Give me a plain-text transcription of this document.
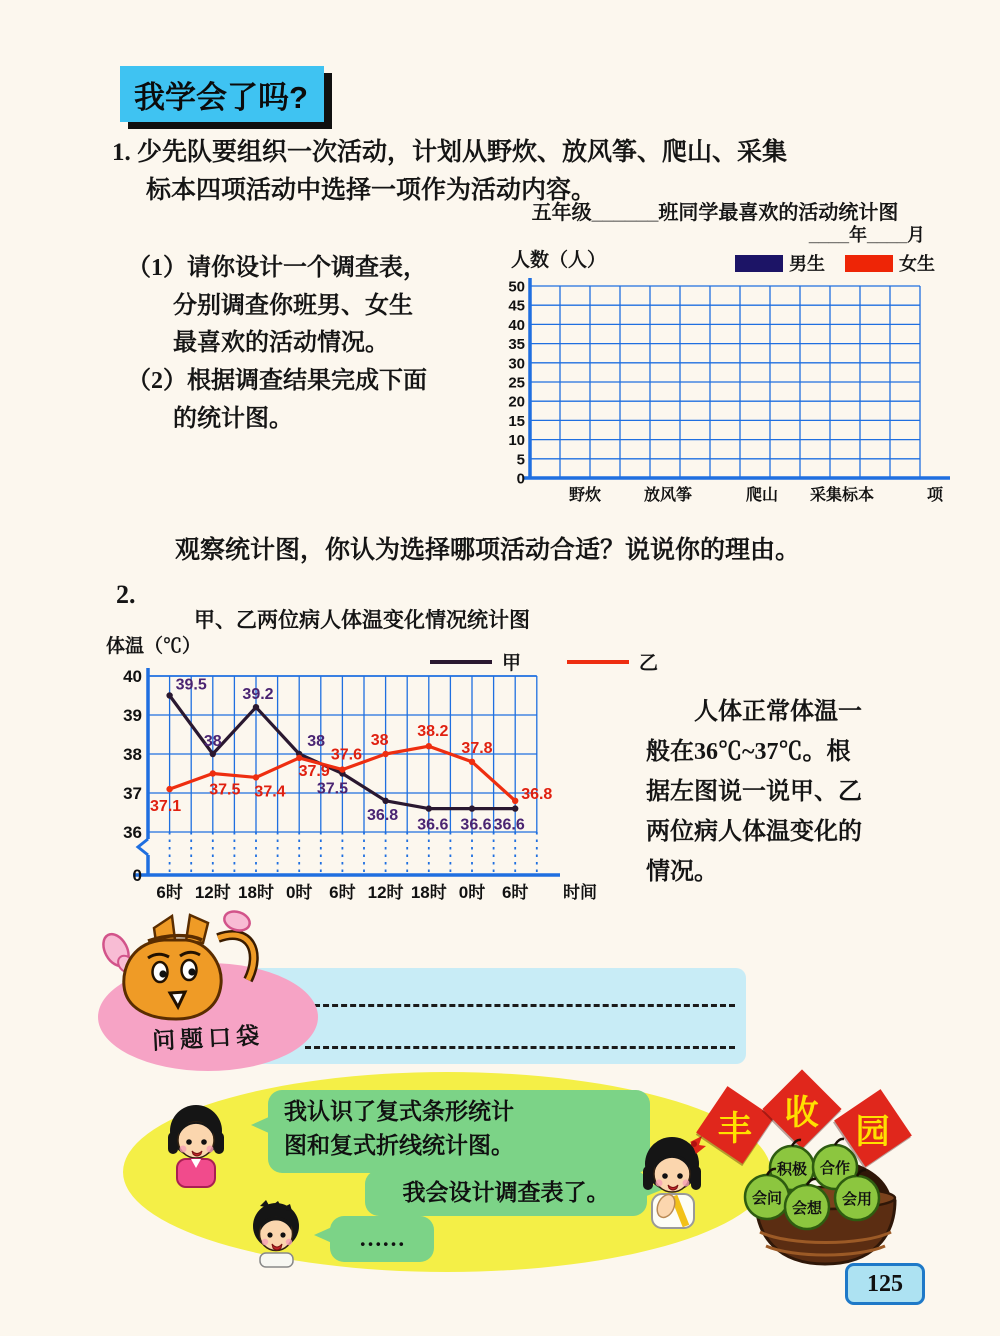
我学会了吗?
1. 少先队要组织一次活动，计划从野炊、放风筝、爬山、采集
标本四项活动中选择一项作为活动内容。
（1）请你设计一个调查表，
分别调查你班男、女生
最喜欢的活动情况。
（2）根据调查结果完成下面
的统计图。
五年级______班同学最喜欢的活动统计图
____年____月
人数（人）	男生	女生
50
45
40
35
30
25
20
15
10
5
0
野炊	放风筝	爬山 采集标本	项
观察统计图，你认为选择哪项活动合适？说说你的理由。
2.
甲、乙两位病人体温变化情况统计图
体温（℃）
甲	乙
40
39
38
37
36
0
6时 12时 18时 0时 6时 12时 18时 0时 6时 时间
39.5
38
39.2
38
37.5
36.8
36.6 36.6 36.6
37.1
37.5 37.4
37.9
37.6
38
38.2
37.8
36.8
人体正常体温一
般在36℃~37℃。根
据左图说一说甲、乙
两位病人体温变化的
情况。
问题口袋
我认识了复式条形统计
图和复式折线统计图。
我会设计调查表了。
……
丰 收 园
积极 合作
会问
会想
会用
125
